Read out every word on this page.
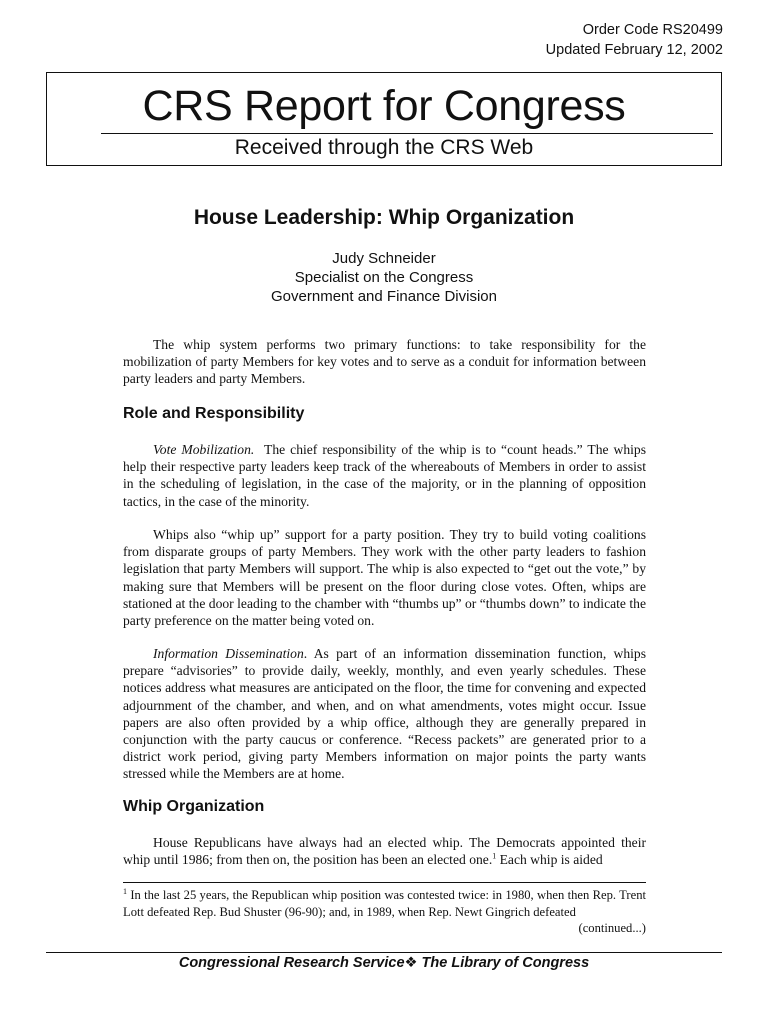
Order Code RS20499
Updated February 12, 2002
CRS Report for Congress
Received through the CRS Web
House Leadership: Whip Organization
Judy Schneider
Specialist on the Congress
Government and Finance Division

The whip system performs two primary functions: to take responsibility for the mobilization of party Members for key votes and to serve as a conduit for information between party leaders and party Members.

Role and Responsibility

Vote Mobilization. The chief responsibility of the whip is to “count heads.” The whips help their respective party leaders keep track of the whereabouts of Members in order to assist in the scheduling of legislation, in the case of the majority, or in the planning of opposition tactics, in the case of the minority.

Whips also “whip up” support for a party position. They try to build voting coalitions from disparate groups of party Members. They work with the other party leaders to fashion legislation that party Members will support. The whip is also expected to “get out the vote,” by making sure that Members will be present on the floor during close votes. Often, whips are stationed at the door leading to the chamber with “thumbs up” or “thumbs down” to indicate the party preference on the matter being voted on.

Information Dissemination. As part of an information dissemination function, whips prepare “advisories” to provide daily, weekly, monthly, and even yearly schedules. These notices address what measures are anticipated on the floor, the time for convening and expected adjournment of the chamber, and when, and on what amendments, votes might occur. Issue papers are also often provided by a whip office, although they are generally prepared in conjunction with the party caucus or conference. “Recess packets” are generated prior to a district work period, giving party Members information on major points the party wants stressed while the Members are at home.

Whip Organization

House Republicans have always had an elected whip. The Democrats appointed their whip until 1986; from then on, the position has been an elected one.$^1$ Each whip is aided

$^1$ In the last 25 years, the Republican whip position was contested twice: in 1980, when then Rep. Trent Lott defeated Rep. Bud Shuster (96-90); and, in 1989, when Rep. Newt Gingrich defeated

(continued...)
Congressional Research Service❖ The Library of Congress
